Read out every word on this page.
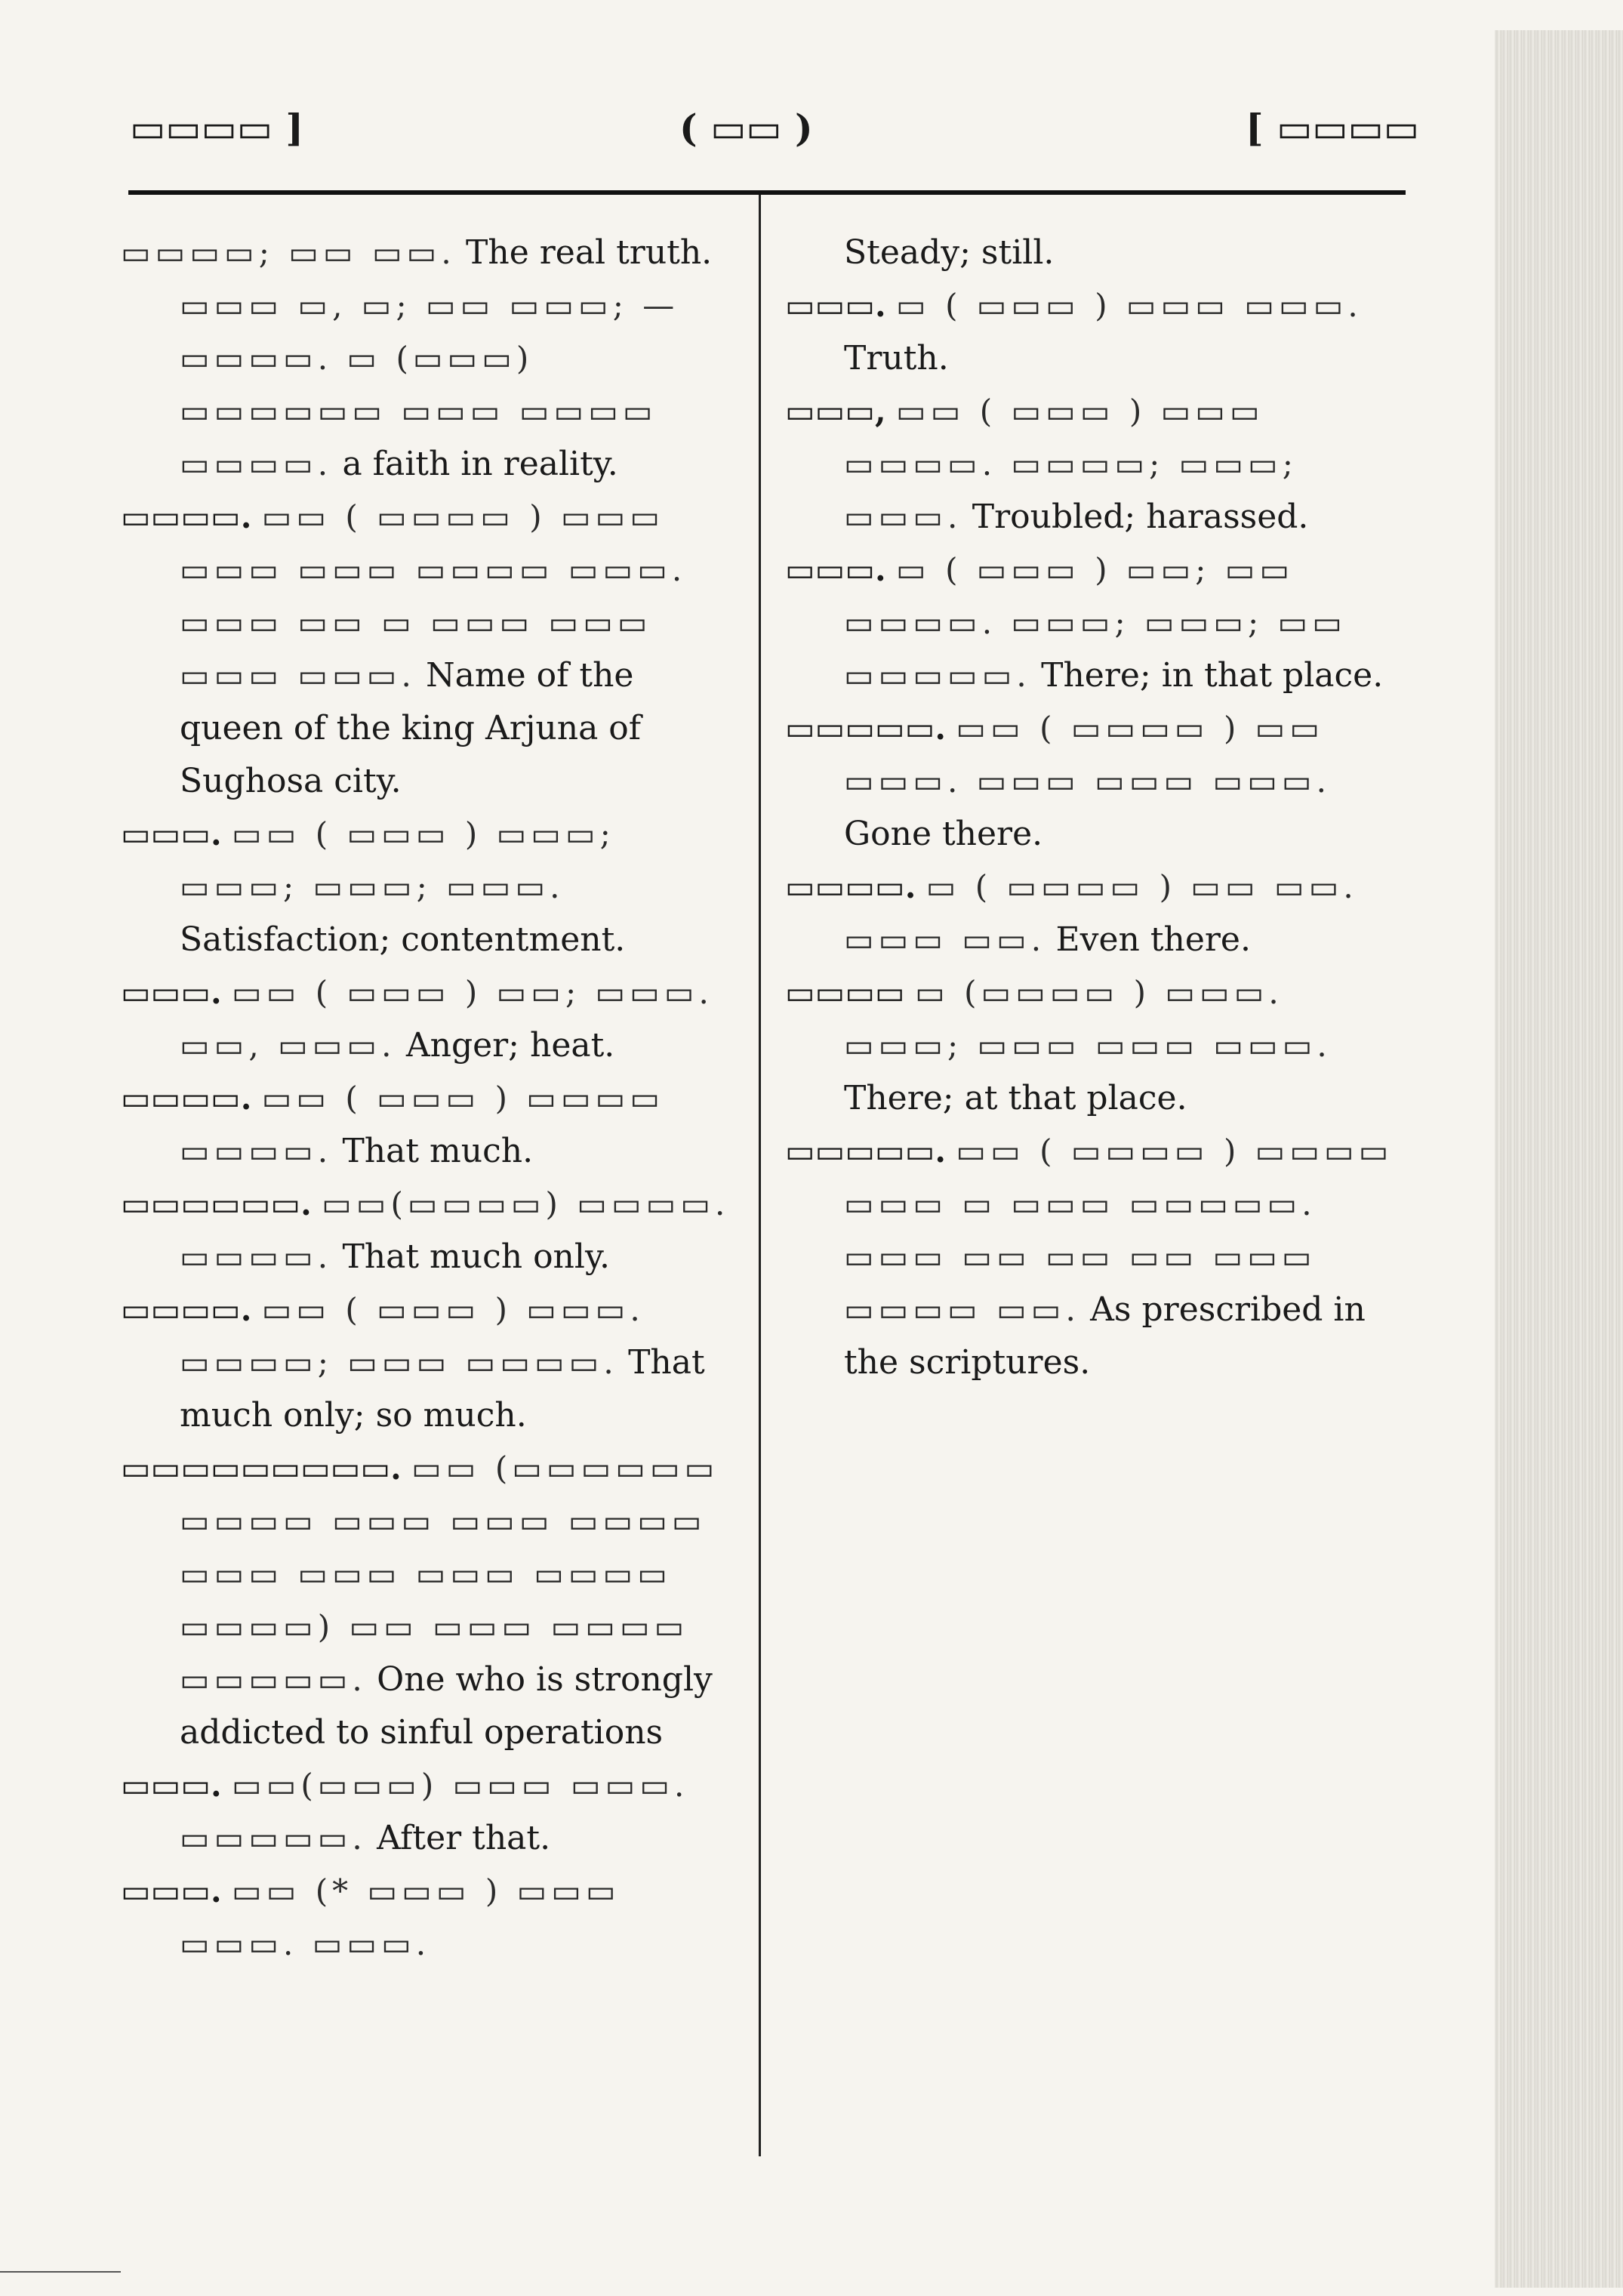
▭▭▭▭ ]	( ▭▭ )	[ ▭▭▭▭

▭▭▭▭; ▭▭ ▭▭. The real truth.

▭▭▭ ▭, ▭; ▭▭ ▭▭▭; —▭▭▭▭. ▭ (▭▭▭) ▭▭▭▭▭▭ ▭▭▭ ▭▭▭▭ ▭▭▭▭. a faith in reality.

▭▭▭▭. ▭▭ ( ▭▭▭▭ ) ▭▭▭ ▭▭▭ ▭▭▭ ▭▭▭▭ ▭▭▭. ▭▭▭ ▭▭ ▭ ▭▭▭ ▭▭▭ ▭▭▭ ▭▭▭. Name of the queen of the king Arjuna of Sughosa city.

▭▭▭. ▭▭ ( ▭▭▭ ) ▭▭▭; ▭▭▭; ▭▭▭; ▭▭▭. Satisfaction; contentment.

▭▭▭. ▭▭ ( ▭▭▭ ) ▭▭; ▭▭▭. ▭▭, ▭▭▭. Anger; heat.

▭▭▭▭. ▭▭ ( ▭▭▭ ) ▭▭▭▭ ▭▭▭▭. That much.

▭▭▭▭▭▭. ▭▭(▭▭▭▭) ▭▭▭▭. ▭▭▭▭. That much only.

▭▭▭▭. ▭▭ ( ▭▭▭ ) ▭▭▭. ▭▭▭▭; ▭▭▭ ▭▭▭▭. That much only; so much.

▭▭▭▭▭▭▭▭▭. ▭▭ (▭▭▭▭▭▭ ▭▭▭▭ ▭▭▭ ▭▭▭ ▭▭▭▭ ▭▭▭ ▭▭▭ ▭▭▭ ▭▭▭▭ ▭▭▭▭) ▭▭ ▭▭▭ ▭▭▭▭ ▭▭▭▭▭. One who is strongly addicted to sinful operations

▭▭▭. ▭▭(▭▭▭) ▭▭▭ ▭▭▭. ▭▭▭▭▭. After that.

▭▭▭. ▭▭ (* ▭▭▭ ) ▭▭▭ ▭▭▭. ▭▭▭.

Steady; still.

▭▭▭. ▭ ( ▭▭▭ ) ▭▭▭ ▭▭▭. Truth.

▭▭▭, ▭▭ ( ▭▭▭ ) ▭▭▭ ▭▭▭▭. ▭▭▭▭; ▭▭▭; ▭▭▭. Troubled; harassed.

▭▭▭. ▭ ( ▭▭▭ ) ▭▭; ▭▭ ▭▭▭▭. ▭▭▭; ▭▭▭; ▭▭ ▭▭▭▭▭. There; in that place.

▭▭▭▭▭. ▭▭ ( ▭▭▭▭ ) ▭▭ ▭▭▭. ▭▭▭ ▭▭▭ ▭▭▭. Gone there.

▭▭▭▭. ▭ ( ▭▭▭▭ ) ▭▭ ▭▭. ▭▭▭ ▭▭. Even there.

▭▭▭▭ ▭ (▭▭▭▭ ) ▭▭▭. ▭▭▭; ▭▭▭ ▭▭▭ ▭▭▭. There; at that place.

▭▭▭▭▭. ▭▭ ( ▭▭▭▭ ) ▭▭▭▭ ▭▭▭ ▭ ▭▭▭ ▭▭▭▭▭. ▭▭▭ ▭▭ ▭▭ ▭▭ ▭▭▭ ▭▭▭▭ ▭▭. As prescribed in the scriptures.
